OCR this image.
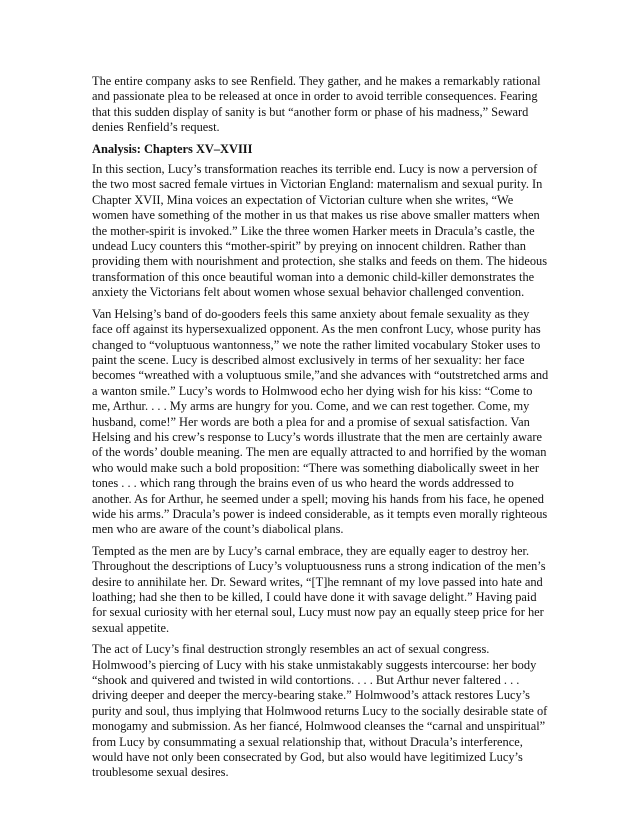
The entire company asks to see Renfield. They gather, and he makes a remarkably rational and passionate plea to be released at once in order to avoid terrible consequences. Fearing that this sudden display of sanity is but “another form or phase of his madness,” Seward denies Renfield’s request.

Analysis: Chapters XV–XVIII

In this section, Lucy’s transformation reaches its terrible end. Lucy is now a perversion of the two most sacred female virtues in Victorian England: maternalism and sexual purity. In Chapter XVII, Mina voices an expectation of Victorian culture when she writes, “We women have something of the mother in us that makes us rise above smaller matters when the mother-spirit is invoked.” Like the three women Harker meets in Dracula’s castle, the undead Lucy counters this “mother-spirit” by preying on innocent children. Rather than providing them with nourishment and protection, she stalks and feeds on them. The hideous transformation of this once beautiful woman into a demonic child-killer demonstrates the anxiety the Victorians felt about women whose sexual behavior challenged convention.

Van Helsing’s band of do-gooders feels this same anxiety about female sexuality as they face off against its hypersexualized opponent. As the men confront Lucy, whose purity has changed to “voluptuous wantonness,” we note the rather limited vocabulary Stoker uses to paint the scene. Lucy is described almost exclusively in terms of her sexuality: her face becomes “wreathed with a voluptuous smile,”and she advances with “outstretched arms and a wanton smile.” Lucy’s words to Holmwood echo her dying wish for his kiss: “Come to me, Arthur. . . . My arms are hungry for you. Come, and we can rest together. Come, my husband, come!” Her words are both a plea for and a promise of sexual satisfaction. Van Helsing and his crew’s response to Lucy’s words illustrate that the men are certainly aware of the words’ double meaning. The men are equally attracted to and horrified by the woman who would make such a bold proposition: “There was something diabolically sweet in her tones . . . which rang through the brains even of us who heard the words addressed to another. As for Arthur, he seemed under a spell; moving his hands from his face, he opened wide his arms.” Dracula’s power is indeed considerable, as it tempts even morally righteous men who are aware of the count’s diabolical plans.

Tempted as the men are by Lucy’s carnal embrace, they are equally eager to destroy her. Throughout the descriptions of Lucy’s voluptuousness runs a strong indication of the men’s desire to annihilate her. Dr. Seward writes, “[T]he remnant of my love passed into hate and loathing; had she then to be killed, I could have done it with savage delight.” Having paid for sexual curiosity with her eternal soul, Lucy must now pay an equally steep price for her sexual appetite.

The act of Lucy’s final destruction strongly resembles an act of sexual congress. Holmwood’s piercing of Lucy with his stake unmistakably suggests intercourse: her body “shook and quivered and twisted in wild contortions. . . . But Arthur never faltered . . . driving deeper and deeper the mercy-bearing stake.” Holmwood’s attack restores Lucy’s purity and soul, thus implying that Holmwood returns Lucy to the socially desirable state of monogamy and submission. As her fiancé, Holmwood cleanses the “carnal and unspiritual” from Lucy by consummating a sexual relationship that, without Dracula’s interference, would have not only been consecrated by God, but also would have legitimized Lucy’s troublesome sexual desires.
